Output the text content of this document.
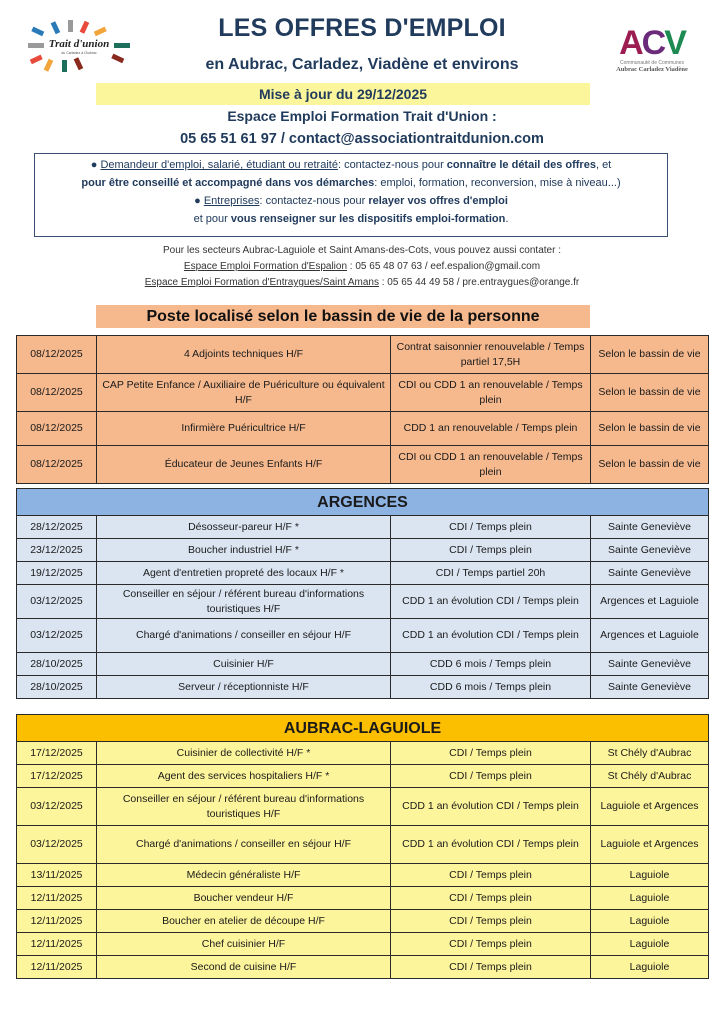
Trait d'union
du Carladez à l'Aubrac	ACV
Communauté de Communes
Aubrac Carladez Viadène
LES OFFRES D'EMPLOI
en Aubrac, Carladez, Viadène et environs
Mise à jour du 29/12/2025
Espace Emploi Formation Trait d'Union :
05 65 51 61 97 / contact@associationtraitdunion.com
● Demandeur d'emploi, salarié, étudiant ou retraité: contactez-nous pour connaître le détail des offres, et
pour être conseillé et accompagné dans vos démarches: emploi, formation, reconversion, mise à niveau...)
● Entreprises: contactez-nous pour relayer vos offres d'emploi
et pour vous renseigner sur les dispositifs emploi-formation.
Pour les secteurs Aubrac-Laguiole et Saint Amans-des-Cots, vous pouvez aussi contater :
Espace Emploi Formation d'Espalion : 05 65 48 07 63 / eef.espalion@gmail.com
Espace Emploi Formation d'Entraygues/Saint Amans : 05 65 44 49 58 / pre.entraygues@orange.fr
Poste localisé selon le bassin de vie de la personne
08/12/2025	4 Adjoints techniques H/F	Contrat saisonnier renouvelable / Temps partiel 17,5H	Selon le bassin de vie
08/12/2025	CAP Petite Enfance / Auxiliaire de Puériculture ou équivalent H/F	CDI ou CDD 1 an renouvelable / Temps plein	Selon le bassin de vie
08/12/2025	Infirmière Puéricultrice H/F	CDD 1 an renouvelable / Temps plein	Selon le bassin de vie
08/12/2025	Éducateur de Jeunes Enfants H/F	CDI ou CDD 1 an renouvelable / Temps plein	Selon le bassin de vie
ARGENCES			
28/12/2025	Désosseur-pareur H/F *	CDI / Temps plein	Sainte Geneviève
23/12/2025	Boucher industriel H/F *	CDI / Temps plein	Sainte Geneviève
19/12/2025	Agent d'entretien propreté des locaux H/F *	CDI / Temps partiel 20h	Sainte Geneviève
03/12/2025	Conseiller en séjour / référent bureau d'informations touristiques H/F	CDD 1 an évolution CDI / Temps plein	Argences et Laguiole
03/12/2025	Chargé d'animations / conseiller en séjour H/F	CDD 1 an évolution CDI / Temps plein	Argences et Laguiole
28/10/2025	Cuisinier H/F	CDD 6 mois / Temps plein	Sainte Geneviève
28/10/2025	Serveur / réceptionniste H/F	CDD 6 mois / Temps plein	Sainte Geneviève
AUBRAC-LAGUIOLE			
17/12/2025	Cuisinier de collectivité H/F *	CDI / Temps plein	St Chély d'Aubrac
17/12/2025	Agent des services hospitaliers H/F *	CDI / Temps plein	St Chély d'Aubrac
03/12/2025	Conseiller en séjour / référent bureau d'informations touristiques H/F	CDD 1 an évolution CDI / Temps plein	Laguiole et Argences
03/12/2025	Chargé d'animations / conseiller en séjour H/F	CDD 1 an évolution CDI / Temps plein	Laguiole et Argences
13/11/2025	Médecin généraliste H/F	CDI / Temps plein	Laguiole
12/11/2025	Boucher vendeur H/F	CDI / Temps plein	Laguiole
12/11/2025	Boucher en atelier de découpe H/F	CDI / Temps plein	Laguiole
12/11/2025	Chef cuisinier H/F	CDI / Temps plein	Laguiole
12/11/2025	Second de cuisine H/F	CDI / Temps plein	Laguiole
